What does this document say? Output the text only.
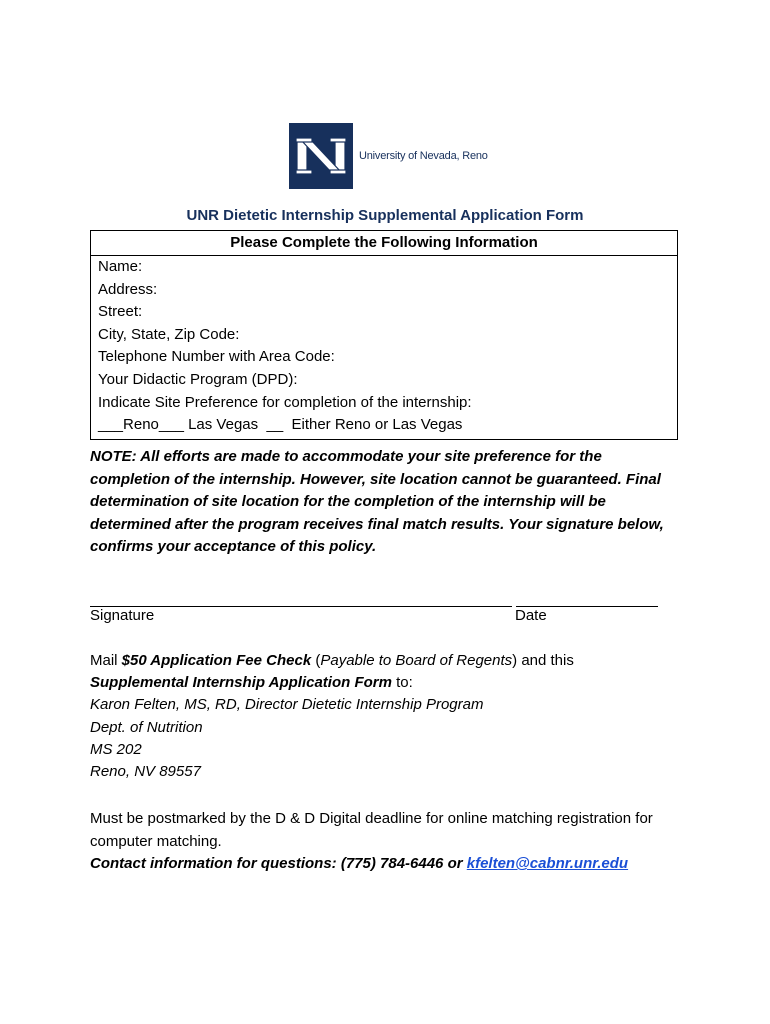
University of Nevada, Reno
UNR Dietetic Internship Supplemental Application Form
Please Complete the Following Information
Name:
Address:
Street:
City, State, Zip Code:
Telephone Number with Area Code:
Your Didactic Program (DPD):
Indicate Site Preference for completion of the internship:
___Reno___ Las Vegas  __  Either Reno or Las Vegas
NOTE: All efforts are made to accommodate your site preference for the completion of the internship. However, site location cannot be guaranteed. Final determination of site location for the completion of the internship will be determined after the program receives final match results. Your signature below, confirms your acceptance of this policy.
Signature	Date
Mail $50 Application Fee Check (Payable to Board of Regents) and this
Supplemental Internship Application Form to:
Karon Felten, MS, RD, Director Dietetic Internship Program
Dept. of Nutrition
MS 202
Reno, NV 89557
Must be postmarked by the D & D Digital deadline for online matching registration for computer matching.
Contact information for questions: (775) 784-6446 or kfelten@cabnr.unr.edu
